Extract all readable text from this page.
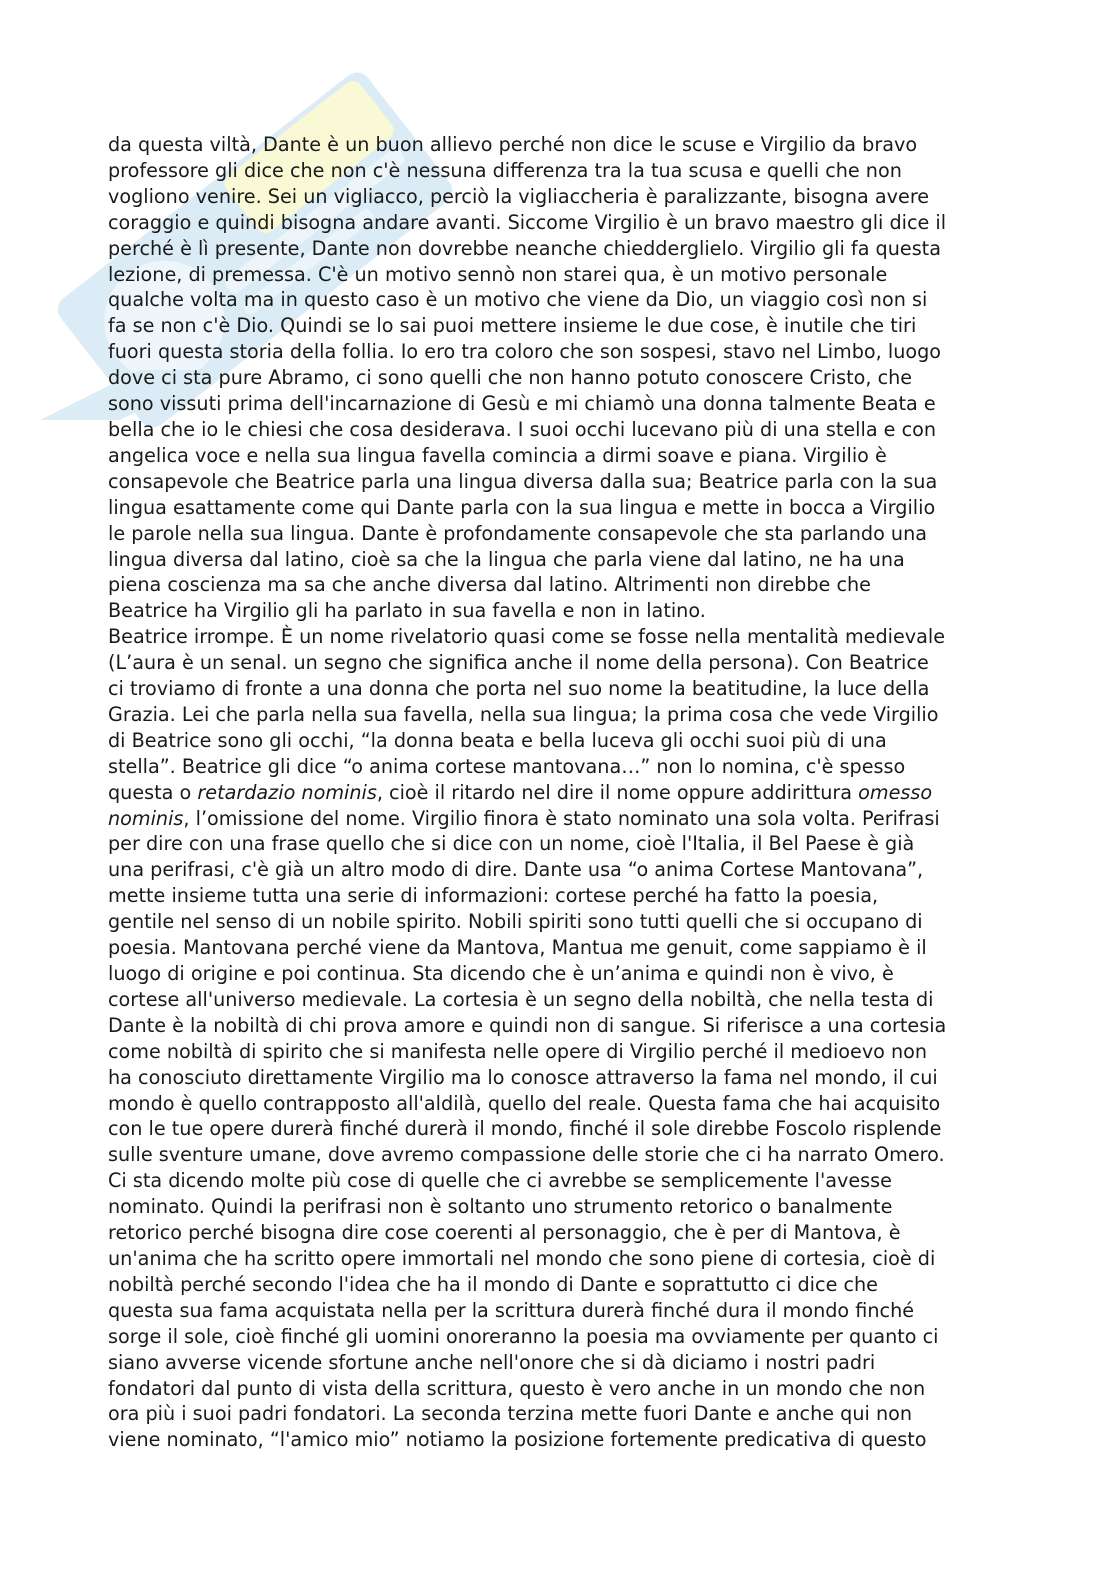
da questa viltà, Dante è un buon allievo perché non dice le scuse e Virgilio da bravo
professore gli dice che non c'è nessuna differenza tra la tua scusa e quelli che non
vogliono venire. Sei un vigliacco, perciò la vigliaccheria è paralizzante, bisogna avere
coraggio e quindi bisogna andare avanti. Siccome Virgilio è un bravo maestro gli dice il
perché è lì presente, Dante non dovrebbe neanche chiedderglielo. Virgilio gli fa questa
lezione, di premessa. C'è un motivo sennò non starei qua, è un motivo personale
qualche volta ma in questo caso è un motivo che viene da Dio, un viaggio così non si
fa se non c'è Dio. Quindi se lo sai puoi mettere insieme le due cose, è inutile che tiri
fuori questa storia della follia. Io ero tra coloro che son sospesi, stavo nel Limbo, luogo
dove ci sta pure Abramo, ci sono quelli che non hanno potuto conoscere Cristo, che
sono vissuti prima dell'incarnazione di Gesù e mi chiamò una donna talmente Beata e
bella che io le chiesi che cosa desiderava. I suoi occhi lucevano più di una stella e con
angelica voce e nella sua lingua favella comincia a dirmi soave e piana. Virgilio è
consapevole che Beatrice parla una lingua diversa dalla sua; Beatrice parla con la sua
lingua esattamente come qui Dante parla con la sua lingua e mette in bocca a Virgilio
le parole nella sua lingua. Dante è profondamente consapevole che sta parlando una
lingua diversa dal latino, cioè sa che la lingua che parla viene dal latino, ne ha una
piena coscienza ma sa che anche diversa dal latino. Altrimenti non direbbe che
Beatrice ha Virgilio gli ha parlato in sua favella e non in latino.

Beatrice irrompe. È un nome rivelatorio quasi come se fosse nella mentalità medievale
(L’aura è un senal. un segno che significa anche il nome della persona). Con Beatrice
ci troviamo di fronte a una donna che porta nel suo nome la beatitudine, la luce della
Grazia. Lei che parla nella sua favella, nella sua lingua; la prima cosa che vede Virgilio
di Beatrice sono gli occhi, “la donna beata e bella luceva gli occhi suoi più di una
stella”. Beatrice gli dice “o anima cortese mantovana…” non lo nomina, c'è spesso
questa o retardazio nominis, cioè il ritardo nel dire il nome oppure addirittura omesso
nominis, l’omissione del nome. Virgilio finora è stato nominato una sola volta. Perifrasi
per dire con una frase quello che si dice con un nome, cioè l'Italia, il Bel Paese è già
una perifrasi, c'è già un altro modo di dire. Dante usa “o anima Cortese Mantovana”,
mette insieme tutta una serie di informazioni: cortese perché ha fatto la poesia,
gentile nel senso di un nobile spirito. Nobili spiriti sono tutti quelli che si occupano di
poesia. Mantovana perché viene da Mantova, Mantua me genuit, come sappiamo è il
luogo di origine e poi continua. Sta dicendo che è un’anima e quindi non è vivo, è
cortese all'universo medievale. La cortesia è un segno della nobiltà, che nella testa di
Dante è la nobiltà di chi prova amore e quindi non di sangue. Si riferisce a una cortesia
come nobiltà di spirito che si manifesta nelle opere di Virgilio perché il medioevo non
ha conosciuto direttamente Virgilio ma lo conosce attraverso la fama nel mondo, il cui
mondo è quello contrapposto all'aldilà, quello del reale. Questa fama che hai acquisito
con le tue opere durerà finché durerà il mondo, finché il sole direbbe Foscolo risplende
sulle sventure umane, dove avremo compassione delle storie che ci ha narrato Omero.
Ci sta dicendo molte più cose di quelle che ci avrebbe se semplicemente l'avesse
nominato. Quindi la perifrasi non è soltanto uno strumento retorico o banalmente
retorico perché bisogna dire cose coerenti al personaggio, che è per di Mantova, è
un'anima che ha scritto opere immortali nel mondo che sono piene di cortesia, cioè di
nobiltà perché secondo l'idea che ha il mondo di Dante e soprattutto ci dice che
questa sua fama acquistata nella per la scrittura durerà finché dura il mondo finché
sorge il sole, cioè finché gli uomini onoreranno la poesia ma ovviamente per quanto ci
siano avverse vicende sfortune anche nell'onore che si dà diciamo i nostri padri
fondatori dal punto di vista della scrittura, questo è vero anche in un mondo che non
ora più i suoi padri fondatori. La seconda terzina mette fuori Dante e anche qui non
viene nominato, “l'amico mio” notiamo la posizione fortemente predicativa di questo
